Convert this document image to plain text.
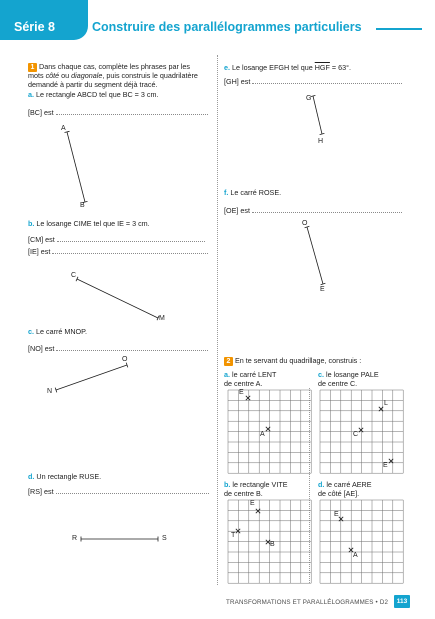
Série 8	Construire des parallélogrammes particuliers
1 Dans chaque cas, complète les phrases par les
mots côté ou diagonale, puis construis le quadrilatère
demandé à partir du segment déjà tracé.
a. Le rectangle ABCD tel que BC = 3 cm.
[BC] est
b. Le losange CIME tel que IE = 3 cm.
[CM] est
[IE] est
c. Le carré MNOP.
[NO] est
d. Un rectangle RUSE.
[RS] est
e. Le losange EFGH tel que $\overline{HGF} = 63^\circ$.
[GH] est
f. Le carré ROSE.
[OE] est
2 En te servant du quadrillage, construis :
a. le carré LENT
de centre A.
c. le losange PALE
de centre C.
b. le rectangle VITE
de centre B.
d. le carré AERE
de côté [AE].
A
B
C
M
N
O
R	S
G
H
O
E
E
A
L
C
E
E
T
B
E
A
TRANSFORMATIONS ET PARALLÉLOGRAMMES • D2	113
